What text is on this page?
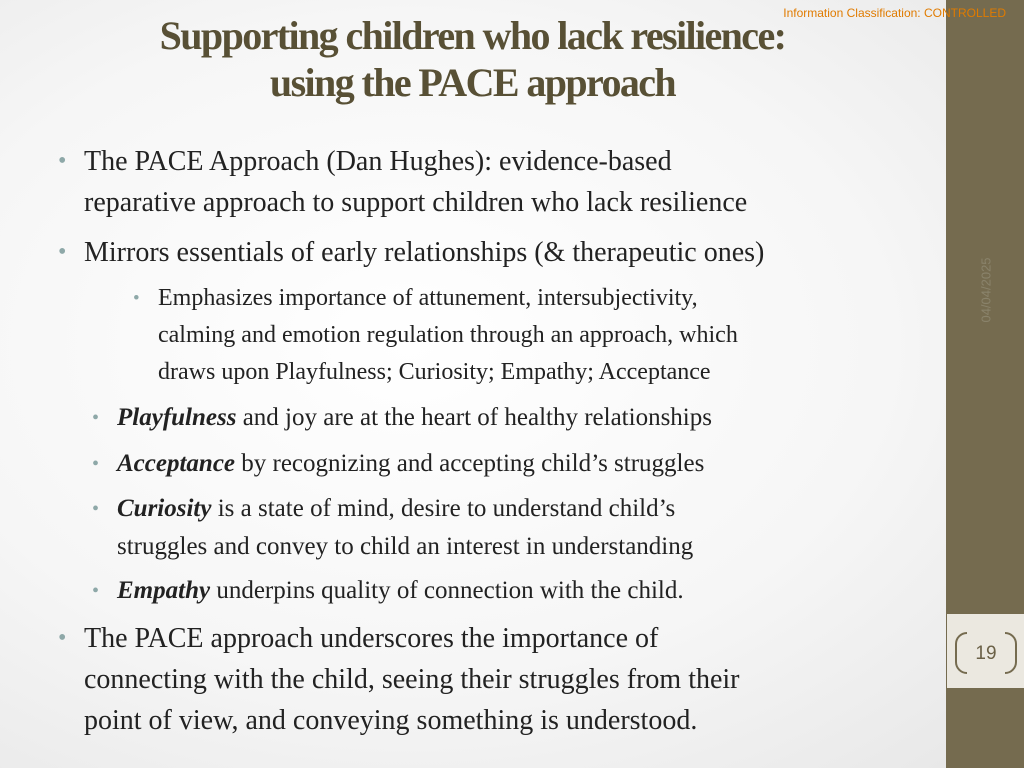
Information Classification: CONTROLLED
Supporting children who lack resilience:
using the PACE approach
04/04/2025
19
• The PACE Approach (Dan Hughes): evidence-based
reparative approach to support children who lack resilience
• Mirrors essentials of early relationships (& therapeutic ones)
• Emphasizes importance of attunement, intersubjectivity,
calming and emotion regulation through an approach, which
draws upon Playfulness; Curiosity; Empathy; Acceptance
• Playfulness and joy are at the heart of healthy relationships
• Acceptance by recognizing and accepting child’s struggles
• Curiosity is a state of mind, desire to understand child’s
struggles and convey to child an interest in understanding
• Empathy underpins quality of connection with the child.
• The PACE approach underscores the importance of
connecting with the child, seeing their struggles from their
point of view, and conveying something is understood.
